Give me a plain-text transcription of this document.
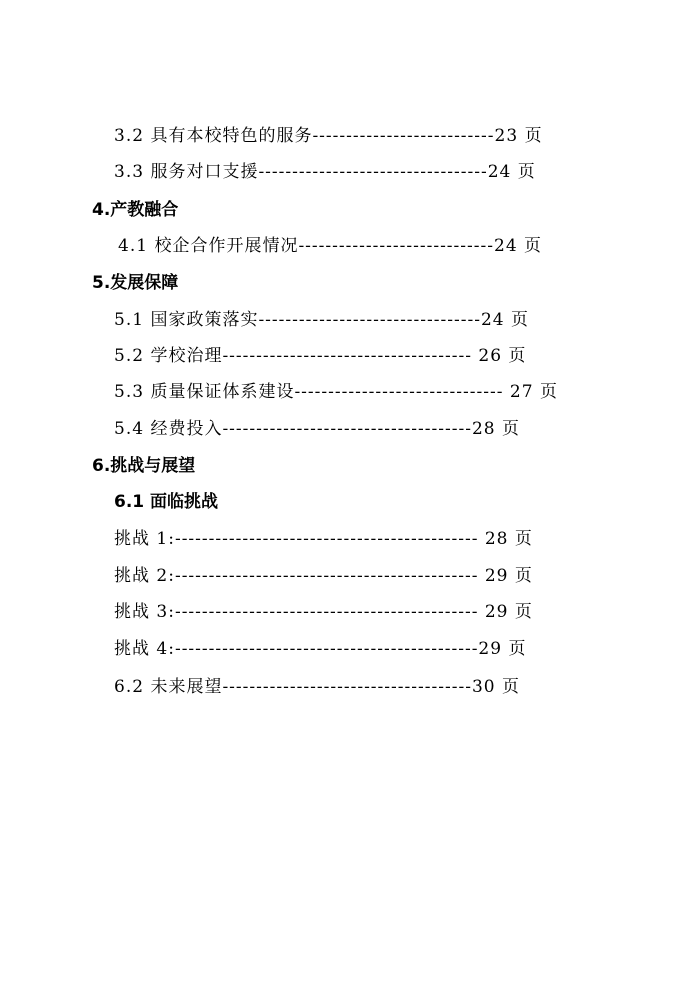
3.2 具有本校特色的服务---------------------------23 页
3.3 服务对口支援----------------------------------24 页
4.产教融合
4.1 校企合作开展情况-----------------------------24 页
5.发展保障
5.1 国家政策落实---------------------------------24 页
5.2 学校治理------------------------------------- 26 页
5.3 质量保证体系建设------------------------------- 27 页
5.4 经费投入-------------------------------------28 页
6.挑战与展望
6.1 面临挑战
挑战 1:--------------------------------------------- 28 页
挑战 2:--------------------------------------------- 29 页
挑战 3:--------------------------------------------- 29 页
挑战 4:---------------------------------------------29 页
6.2 未来展望-------------------------------------30 页
